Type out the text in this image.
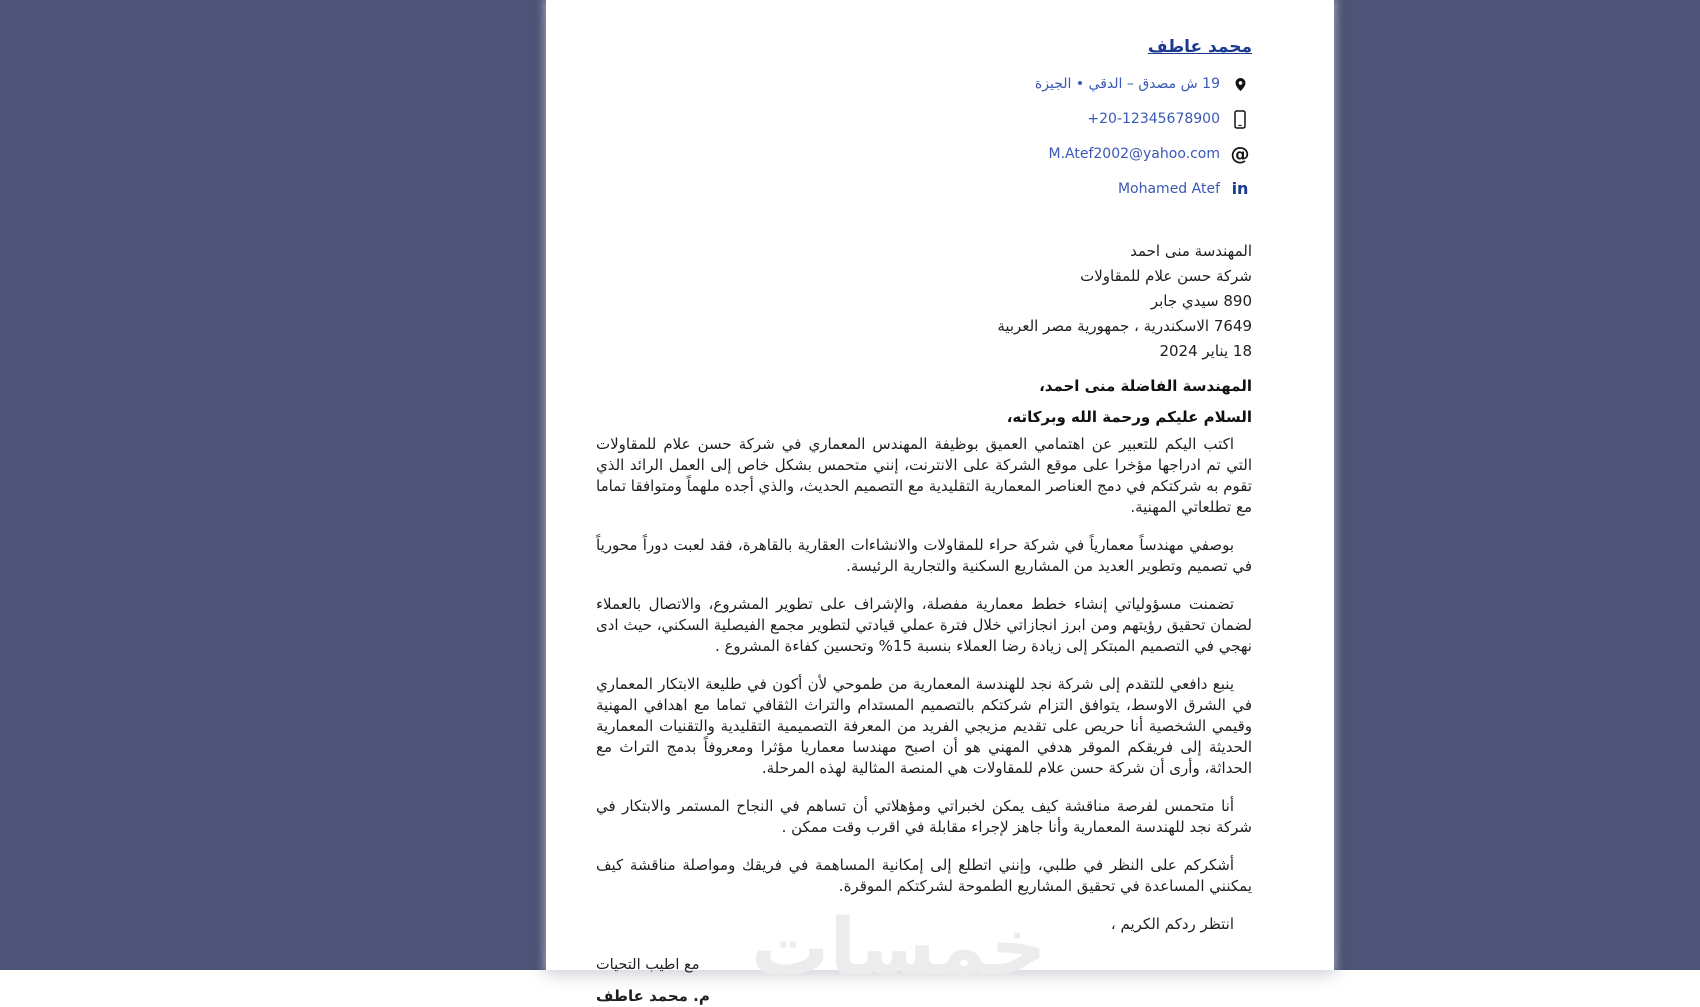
خمسات
محمد عاطف
19 ش مصدق – الدقي • الجيزة
+20-12345678900
@
M.Atef2002@yahoo.com
in
Mohamed Atef
المهندسة منى احمد
شركة حسن علام للمقاولات
890 سيدي جابر
7649 الاسكندرية ، جمهورية مصر العربية
18 يناير 2024

المهندسة الفاضلة منى احمد،

السلام عليكم ورحمة الله وبركاته،

اكتب اليكم للتعبير عن اهتمامي العميق بوظيفة المهندس المعماري في شركة حسن علام للمقاولات التي تم ادراجها مؤخرا على موقع الشركة على الانترنت، إنني متحمس بشكل خاص إلى العمل الرائد الذي تقوم به شركتكم في دمج العناصر المعمارية التقليدية مع التصميم الحديث، والذي أجده ملهماً ومتوافقا تماما مع تطلعاتي المهنية.

بوصفي مهندساً معمارياً في شركة حراء للمقاولات والانشاءات العقارية بالقاهرة، فقد لعبت دوراً محورياً في تصميم وتطوير العديد من المشاريع السكنية والتجارية الرئيسة.

تضمنت مسؤولياتي إنشاء خطط معمارية مفصلة، والإشراف على تطوير المشروع، والاتصال بالعملاء لضمان تحقيق رؤيتهم ومن ابرز انجازاتي خلال فترة عملي قيادتي لتطوير مجمع الفيصلية السكني، حيث ادى نهجي في التصميم المبتكر إلى زيادة رضا العملاء بنسبة 15% وتحسين كفاءة المشروع .

ينبع دافعي للتقدم إلى شركة نجد للهندسة المعمارية من طموحي لأن أكون في طليعة الابتكار المعماري في الشرق الاوسط، يتوافق التزام شركتكم بالتصميم المستدام والتراث الثقافي تماما مع اهدافي المهنية وقيمي الشخصية أنا حريص على تقديم مزيجي الفريد من المعرفة التصميمية التقليدية والتقنيات المعمارية الحديثة إلى فريقكم الموقر هدفي المهني هو أن اصبح مهندسا معماريا مؤثرا ومعروفاً بدمج التراث مع الحداثة، وأرى أن شركة حسن علام للمقاولات هي المنصة المثالية لهذه المرحلة.

أنا متحمس لفرصة مناقشة كيف يمكن لخبراتي ومؤهلاتي أن تساهم في النجاح المستمر والابتكار في شركة نجد للهندسة المعمارية وأنا جاهز لإجراء مقابلة في اقرب وقت ممكن .

أشكركم على النظر في طلبي، وإنني اتطلع إلى إمكانية المساهمة في فريقك ومواصلة مناقشة كيف يمكنني المساعدة في تحقيق المشاريع الطموحة لشركتكم الموقرة.

انتظر ردكم الكريم ،

مع اطيب التحيات
م. محمد عاطف
